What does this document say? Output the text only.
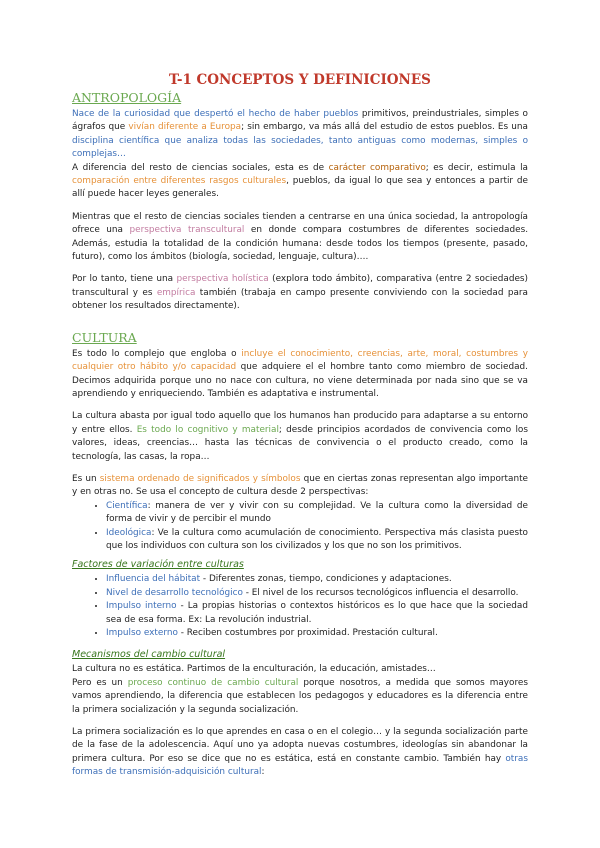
T-1 CONCEPTOS Y DEFINICIONES
ANTROPOLOGÍA

Nace de la curiosidad que despertó el hecho de haber pueblos primitivos, preindustriales, simples o ágrafos que vivían diferente a Europa; sin embargo, va más allá del estudio de estos pueblos. Es una disciplina científica que analiza todas las sociedades, tanto antiguas como modernas, simples o complejas…

A diferencia del resto de ciencias sociales, esta es de carácter comparativo; es decir, estimula la comparación entre diferentes rasgos culturales, pueblos, da igual lo que sea y entonces a partir de allí puede hacer leyes generales.

Mientras que el resto de ciencias sociales tienden a centrarse en una única sociedad, la antropología ofrece una perspectiva transcultural en donde compara costumbres de diferentes sociedades. Además, estudia la totalidad de la condición humana: desde todos los tiempos (presente, pasado, futuro), como los ámbitos (biología, sociedad, lenguaje, cultura)….

Por lo tanto, tiene una perspectiva holística (explora todo ámbito), comparativa (entre 2 sociedades) transcultural y es empírica también (trabaja en campo presente conviviendo con la sociedad para obtener los resultados directamente).

CULTURA

Es todo lo complejo que engloba o incluye el conocimiento, creencias, arte, moral, costumbres y cualquier otro hábito y/o capacidad que adquiere el el hombre tanto como miembro de sociedad. Decimos adquirida porque uno no nace con cultura, no viene determinada por nada sino que se va aprendiendo y enriqueciendo. También es adaptativa e instrumental.

La cultura abasta por igual todo aquello que los humanos han producido para adaptarse a su entorno y entre ellos. Es todo lo cognitivo y material; desde principios acordados de convivencia como los valores, ideas, creencias… hasta las técnicas de convivencia o el producto creado, como la tecnología, las casas, la ropa…

Es un sistema ordenado de significados y símbolos que en ciertas zonas representan algo importante y en otras no. Se usa el concepto de cultura desde 2 perspectivas:

• Científica: manera de ver y vivir con su complejidad. Ve la cultura como la diversidad de forma de vivir y de percibir el mundo
• Ideológica: Ve la cultura como acumulación de conocimiento. Perspectiva más clasista puesto que los individuos con cultura son los civilizados y los que no son los primitivos.
Factores de variación entre culturas
• Influencia del hábitat - Diferentes zonas, tiempo, condiciones y adaptaciones.
• Nivel de desarrollo tecnológico - El nivel de los recursos tecnológicos influencia el desarrollo.
• Impulso interno - La propias historias o contextos históricos es lo que hace que la sociedad sea de esa forma. Ex: La revolución industrial.
• Impulso externo - Reciben costumbres por proximidad. Prestación cultural.
Mecanismos del cambio cultural

La cultura no es estática. Partimos de la enculturación, la educación, amistades…

Pero es un proceso continuo de cambio cultural porque nosotros, a medida que somos mayores vamos aprendiendo, la diferencia que establecen los pedagogos y educadores es la diferencia entre la primera socialización y la segunda socialización.

La primera socialización es lo que aprendes en casa o en el colegio… y la segunda socialización parte de la fase de la adolescencia. Aquí uno ya adopta nuevas costumbres, ideologías sin abandonar la primera cultura. Por eso se dice que no es estática, está en constante cambio. También hay otras formas de transmisión-adquisición cultural:
